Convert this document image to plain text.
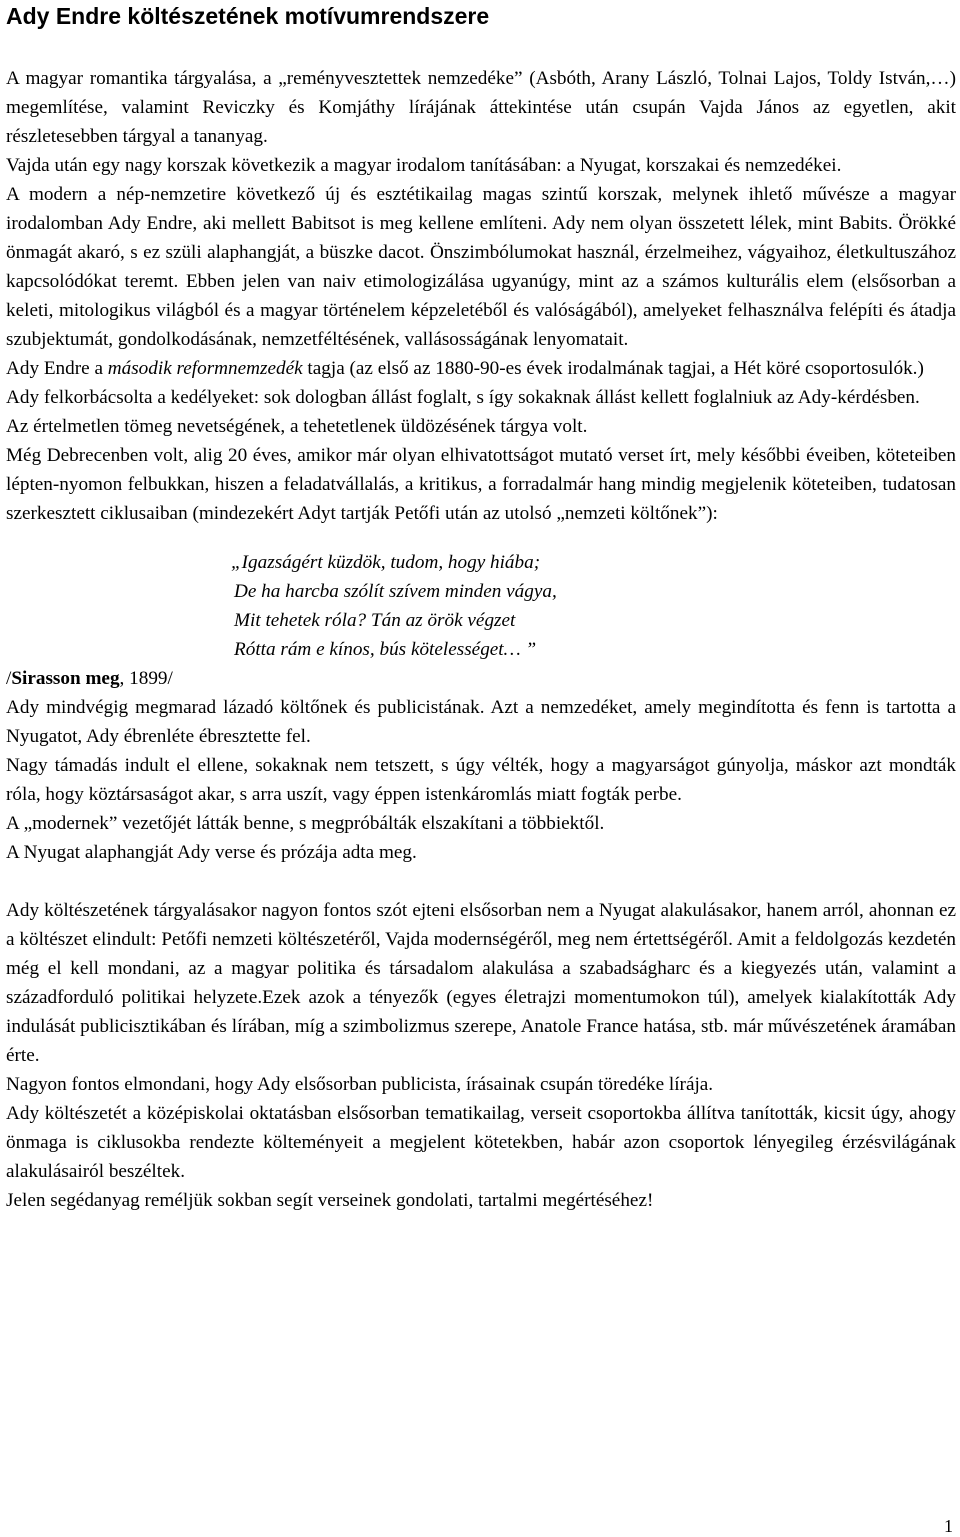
Ady Endre költészetének motívumrendszere

A magyar romantika tárgyalása, a „reményvesztettek nemzedéke” (Asbóth, Arany László, Tolnai Lajos, Toldy István,…) megemlítése, valamint Reviczky és Komjáthy lírájának áttekintése után csupán Vajda János az egyetlen, akit részletesebben tárgyal a tananyag.

Vajda után egy nagy korszak következik a magyar irodalom tanításában: a Nyugat, korszakai és nemzedékei.

A modern a nép-nemzetire következő új és esztétikailag magas szintű korszak, melynek ihlető művésze a magyar irodalomban Ady Endre, aki mellett Babitsot is meg kellene említeni. Ady nem olyan összetett lélek, mint Babits. Örökké önmagát akaró, s ez szüli alaphangját, a büszke dacot. Önszimbólumokat használ, érzelmeihez, vágyaihoz, életkultuszához kapcsolódókat teremt. Ebben jelen van naiv etimologizálása ugyanúgy, mint az a számos kulturális elem (elsősorban a keleti, mitologikus világból és a magyar történelem képzeletéből és valóságából), amelyeket felhasználva felépíti és átadja szubjektumát, gondolkodásának, nemzetféltésének, vallásosságának lenyomatait.

Ady Endre a második reformnemzedék tagja (az első az 1880-90-es évek irodalmának tagjai, a Hét köré csoportosulók.)

Ady felkorbácsolta a kedélyeket: sok dologban állást foglalt, s így sokaknak állást kellett foglalniuk az Ady-kérdésben.

Az értelmetlen tömeg nevetségének, a tehetetlenek üldözésének tárgya volt.

Még Debrecenben volt, alig 20 éves, amikor már olyan elhivatottságot mutató verset írt, mely későbbi éveiben, köteteiben lépten-nyomon felbukkan, hiszen a feladatvállalás, a kritikus, a forradalmár hang mindig megjelenik köteteiben, tudatosan szerkesztett ciklusaiban (mindezekért Adyt tartják Petőfi után az utolsó „nemzeti költőnek”):

„Igazságért küzdök, tudom, hogy hiába;
De ha harcba szólít szívem minden vágya,
Mit tehetek róla? Tán az örök végzet
Rótta rám e kínos, bús kötelességet… ”

/Sirasson meg, 1899/

Ady mindvégig megmarad lázadó költőnek és publicistának. Azt a nemzedéket, amely megindította és fenn is tartotta a Nyugatot, Ady ébrenléte ébresztette fel.

Nagy támadás indult el ellene, sokaknak nem tetszett, s úgy vélték, hogy a magyarságot gúnyolja, máskor azt mondták róla, hogy köztársaságot akar, s arra uszít, vagy éppen istenkáromlás miatt fogták perbe.

A „modernek” vezetőjét látták benne, s megpróbálták elszakítani a többiektől.

A Nyugat alaphangját Ady verse és prózája adta meg.

Ady költészetének tárgyalásakor nagyon fontos szót ejteni elsősorban nem a Nyugat alakulásakor, hanem arról, ahonnan ez a költészet elindult: Petőfi nemzeti költészetéről, Vajda modernségéről, meg nem értettségéről. Amit a feldolgozás kezdetén még el kell mondani, az a magyar politika és társadalom alakulása a szabadságharc és a kiegyezés után, valamint a századforduló politikai helyzete.Ezek azok a tényezők (egyes életrajzi momentumokon túl), amelyek kialakították Ady indulását publicisztikában és lírában, míg a szimbolizmus szerepe, Anatole France hatása, stb. már művészetének áramában érte.

Nagyon fontos elmondani, hogy Ady elsősorban publicista, írásainak csupán töredéke lírája.

Ady költészetét a középiskolai oktatásban elsősorban tematikailag, verseit csoportokba állítva tanították, kicsit úgy, ahogy önmaga is ciklusokba rendezte költeményeit a megjelent kötetekben, habár azon csoportok lényegileg érzésvilágának alakulásairól beszéltek.

Jelen segédanyag reméljük sokban segít verseinek gondolati, tartalmi megértéséhez!

1
